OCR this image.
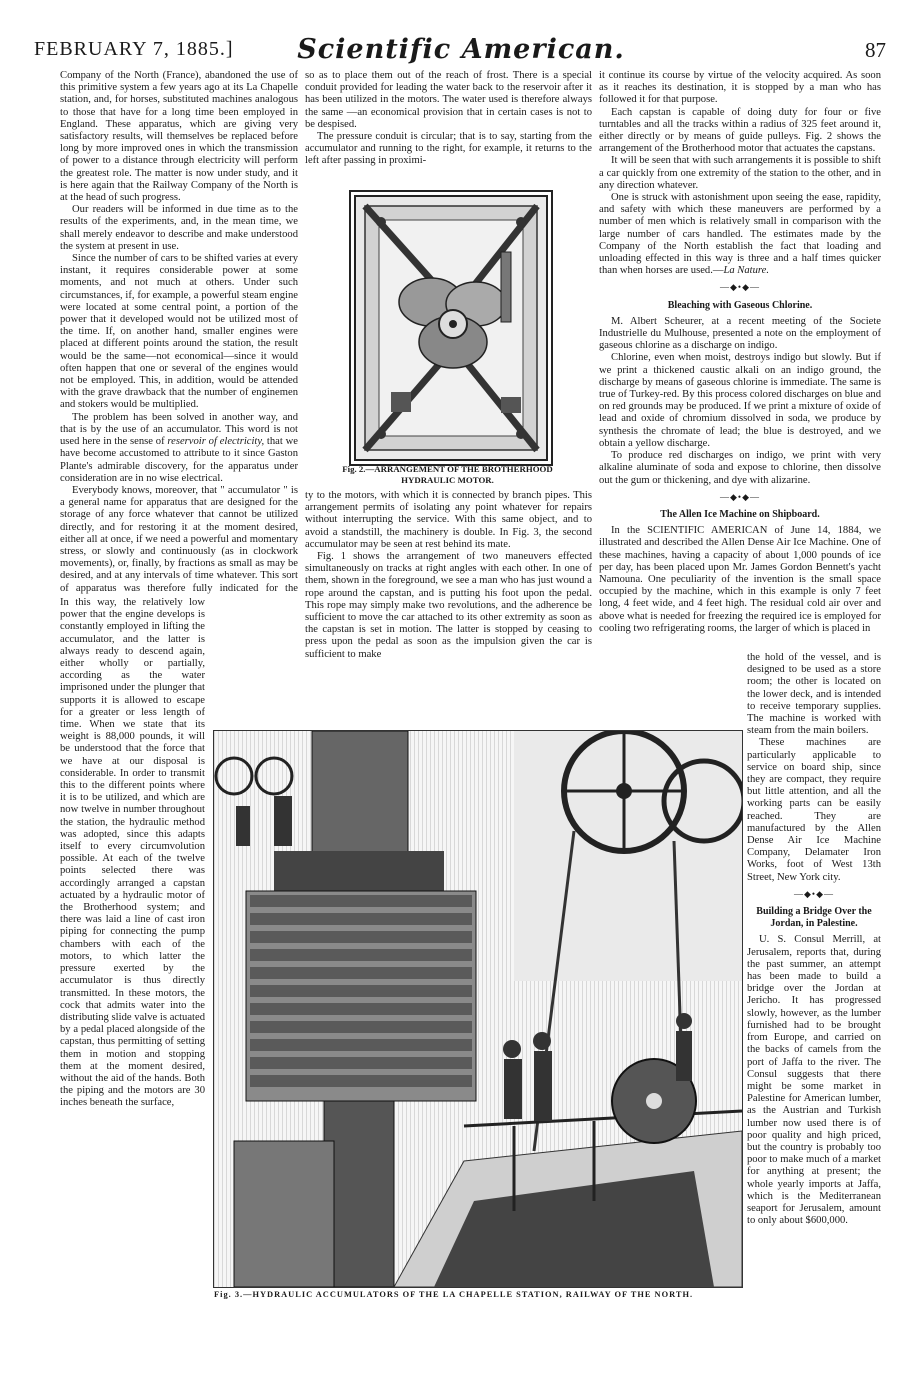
FEBRUARY 7, 1885.]	Scientific American.	87

Company of the North (France), abandoned the use of this primitive system a few years ago at its La Chapelle station, and, for horses, substituted machines analogous to those that have for a long time been employed in England. These apparatus, which are giving very satisfactory results, will themselves be replaced before long by more improved ones in which the transmission of power to a distance through electricity will perform the greatest role. The matter is now under study, and it is here again that the Railway Company of the North is at the head of such progress.

Our readers will be informed in due time as to the results of the experiments, and, in the mean time, we shall merely endeavor to describe and make understood the system at present in use.

Since the number of cars to be shifted varies at every instant, it requires considerable power at some moments, and not much at others. Under such circumstances, if, for example, a powerful steam engine were located at some central point, a portion of the power that it developed would not be utilized most of the time. If, on another hand, smaller engines were placed at different points around the station, the result would be the same—not economical—since it would often happen that one or several of the engines would not be employed. This, in addition, would be attended with the grave drawback that the number of enginemen and stokers would be multiplied.

The problem has been solved in another way, and that is by the use of an accumulator. This word is not used here in the sense of reservoir of electricity, that we have become accustomed to attribute to it since Gaston Plante's admirable discovery, for the apparatus under consideration are in no wise electrical.

Everybody knows, moreover, that " accumulator " is a general name for apparatus that are designed for the storage of any force whatever that cannot be utilized directly, and for restoring it at the moment desired, either all at once, if we need a powerful and momentary stress, or slowly and continuously (as in clockwork movements), or, finally, by fractions as small as may be desired, and at any intervals of time whatever. This sort of apparatus was therefore fully indicated for the

In this way, the relatively low power that the engine develops is constantly employed in lifting the accumulator, and the latter is always ready to descend again, either wholly or partially, according as the water imprisoned under the plunger that supports it is allowed to escape for a greater or less length of time. When we state that its weight is 88,000 pounds, it will be understood that the force that we have at our disposal is considerable. In order to transmit this to the different points where it is to be utilized, and which are now twelve in number throughout the station, the hydraulic method was adopted, since this adapts itself to every circumvolution possible. At each of the twelve points selected there was accordingly arranged a capstan actuated by a hydraulic motor of the Brotherhood system; and there was laid a line of cast iron piping for connecting the pump chambers with each of the motors, to which latter the pressure exerted by the accumulator is thus directly transmitted. In these motors, the cock that admits water into the distributing slide valve is actuated by a pedal placed alongside of the capstan, thus permitting of setting them in motion and stopping them at the moment desired, without the aid of the hands. Both the piping and the motors are 30 inches beneath the surface,

so as to place them out of the reach of frost. There is a special conduit provided for leading the water back to the reservoir after it has been utilized in the motors. The water used is therefore always the same —an economical provision that in certain cases is not to be despised.

The pressure conduit is circular; that is to say, starting from the accumulator and running to the right, for example, it returns to the left after passing in proximi-

Fig. 2.—ARRANGEMENT OF THE BROTHERHOOD HYDRAULIC MOTOR.

ty to the motors, with which it is connected by branch pipes. This arrangement permits of isolating any point whatever for repairs without interrupting the service. With this same object, and to avoid a standstill, the machinery is double. In Fig. 3, the second accumulator may be seen at rest behind its mate.

Fig. 1 shows the arrangement of two maneuvers effected simultaneously on tracks at right angles with each other. In one of them, shown in the foreground, we see a man who has just wound a rope around the capstan, and is putting his foot upon the pedal. This rope may simply make two revolutions, and the adherence be sufficient to move the car attached to its other extremity as soon as the capstan is set in motion. The latter is stopped by ceasing to press upon the pedal as soon as the impulsion given the car is sufficient to make

it continue its course by virtue of the velocity acquired. As soon as it reaches its destination, it is stopped by a man who has followed it for that purpose.

Each capstan is capable of doing duty for four or five turntables and all the tracks within a radius of 325 feet around it, either directly or by means of guide pulleys. Fig. 2 shows the arrangement of the Brotherhood motor that actuates the capstans.

It will be seen that with such arrangements it is possible to shift a car quickly from one extremity of the station to the other, and in any direction whatever.

One is struck with astonishment upon seeing the ease, rapidity, and safety with which these maneuvers are performed by a number of men which is relatively small in comparison with the large number of cars handled. The estimates made by the Company of the North establish the fact that loading and unloading effected in this way is three and a half times quicker than when horses are used.—La Nature.

—◆•◆—

Bleaching with Gaseous Chlorine.

M. Albert Scheurer, at a recent meeting of the Societe Industrielle du Mulhouse, presented a note on the employment of gaseous chlorine as a discharge on indigo.

Chlorine, even when moist, destroys indigo but slowly. But if we print a thickened caustic alkali on an indigo ground, the discharge by means of gaseous chlorine is immediate. The same is true of Turkey-red. By this process colored discharges on blue and on red grounds may be produced. If we print a mixture of oxide of lead and oxide of chromium dissolved in soda, we produce by synthesis the chromate of lead; the blue is destroyed, and we obtain a yellow discharge.

To produce red discharges on indigo, we print with very alkaline aluminate of soda and expose to chlorine, then dissolve out the gum or thickening, and dye with alizarine.

—◆•◆—

The Allen Ice Machine on Shipboard.

In the SCIENTIFIC AMERICAN of June 14, 1884, we illustrated and described the Allen Dense Air Ice Machine. One of these machines, having a capacity of about 1,000 pounds of ice per day, has been placed upon Mr. James Gordon Bennett's yacht Namouna. One peculiarity of the invention is the small space occupied by the machine, which in this example is only 7 feet long, 4 feet wide, and 4 feet high. The residual cold air over and above what is needed for freezing the required ice is employed for cooling two refrigerating rooms, the larger of which is placed in

the hold of the vessel, and is designed to be used as a store room; the other is located on the lower deck, and is intended to receive temporary supplies. The machine is worked with steam from the main boilers.

These machines are particularly applicable to service on board ship, since they are compact, they require but little attention, and all the working parts can be easily reached. They are manufactured by the Allen Dense Air Ice Machine Company, Delamater Iron Works, foot of West 13th Street, New York city.

—◆•◆—

Building a Bridge Over the Jordan, in Palestine.

U. S. Consul Merrill, at Jerusalem, reports that, during the past summer, an attempt has been made to build a bridge over the Jordan at Jericho. It has progressed slowly, however, as the lumber furnished had to be brought from Europe, and carried on the backs of camels from the port of Jaffa to the river. The Consul suggests that there might be some market in Palestine for American lumber, as the Austrian and Turkish lumber now used there is of poor quality and high priced, but the country is probably too poor to make much of a market for anything at present; the whole yearly imports at Jaffa, which is the Mediterranean seaport for Jerusalem, amount to only about $600,000.

Fig. 3.—HYDRAULIC ACCUMULATORS OF THE LA CHAPELLE STATION, RAILWAY OF THE NORTH.
